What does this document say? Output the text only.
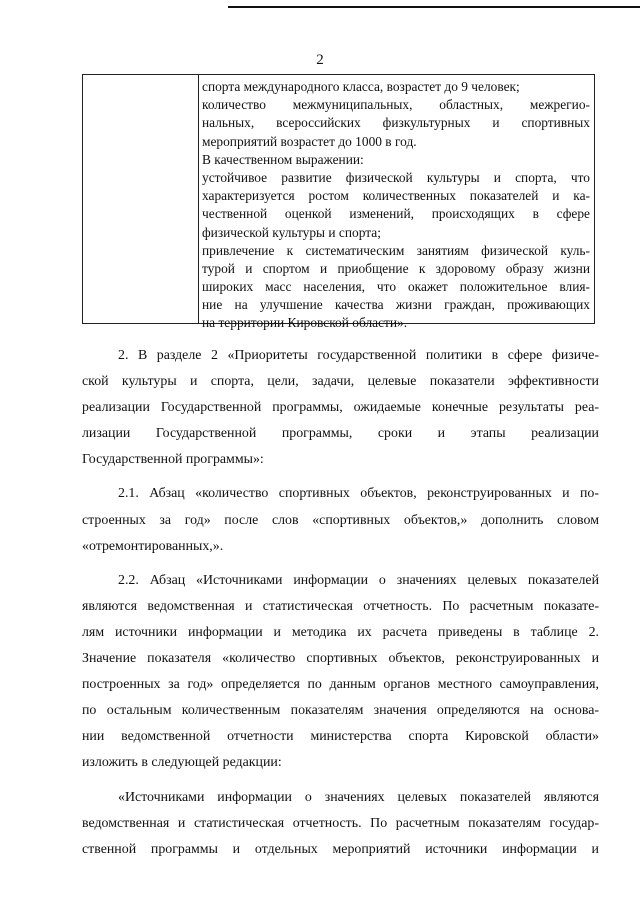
2
спорта международного класса, возрастет до 9 человек;
количество межмуниципальных, областных, межрегио-
нальных, всероссийских физкультурных и спортивных
мероприятий возрастет до 1000 в год.
В качественном выражении:
устойчивое развитие физической культуры и спорта, что
характеризуется ростом количественных показателей и ка-
чественной оценкой изменений, происходящих в сфере
физической культуры и спорта;
привлечение к систематическим занятиям физической куль-
турой и спортом и приобщение к здоровому образу жизни
широких масс населения, что окажет положительное влия-
ние на улучшение качества жизни граждан, проживающих
на территории Кировской области».
2. В разделе 2 «Приоритеты государственной политики в сфере физиче-
ской культуры и спорта, цели, задачи, целевые показатели эффективности
реализации Государственной программы, ожидаемые конечные результаты реа-
лизации Государственной программы, сроки и этапы реализации
Государственной программы»:
2.1. Абзац «количество спортивных объектов, реконструированных и по-
строенных за год» после слов «спортивных объектов,» дополнить словом
«отремонтированных,».
2.2. Абзац «Источниками информации о значениях целевых показателей
являются ведомственная и статистическая отчетность. По расчетным показате-
лям источники информации и методика их расчета приведены в таблице 2.
Значение показателя «количество спортивных объектов, реконструированных и
построенных за год» определяется по данным органов местного самоуправления,
по остальным количественным показателям значения определяются на основа-
нии ведомственной отчетности министерства спорта Кировской области»
изложить в следующей редакции:
«Источниками информации о значениях целевых показателей являются
ведомственная и статистическая отчетность. По расчетным показателям государ-
ственной программы и отдельных мероприятий источники информации и
